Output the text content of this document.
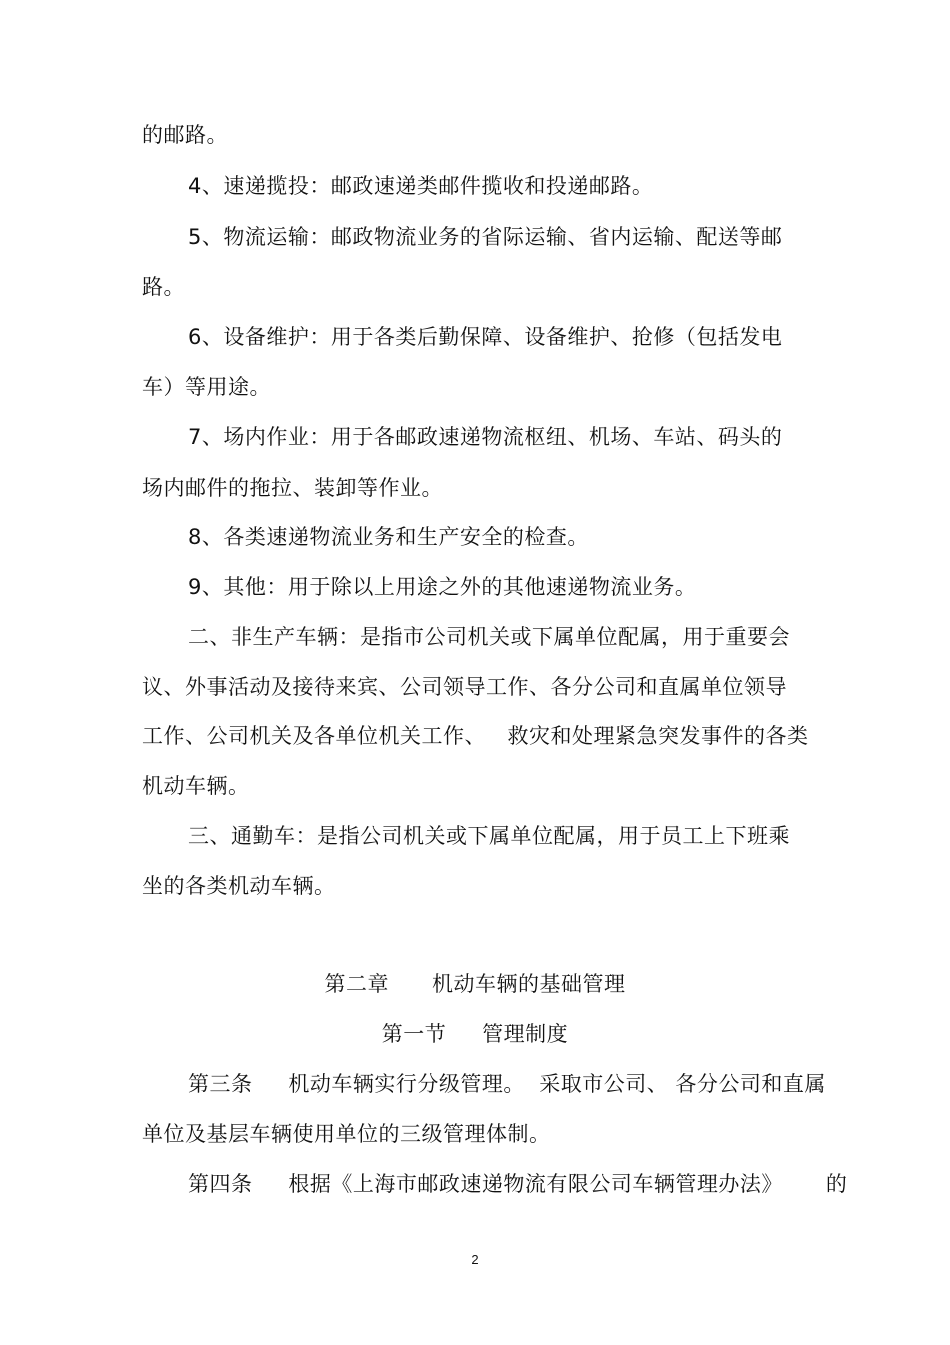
的邮路。
4、速递揽投：邮政速递类邮件揽收和投递邮路。
5、物流运输：邮政物流业务的省际运输、省内运输、配送等邮
路。
6、设备维护：用于各类后勤保障、设备维护、抢修（包括发电
车）等用途。
7、场内作业：用于各邮政速递物流枢纽、机场、车站、码头的
场内邮件的拖拉、装卸等作业。
8、各类速递物流业务和生产安全的检查。
9、其他：用于除以上用途之外的其他速递物流业务。
二、非生产车辆：是指市公司机关或下属单位配属，用于重要会
议、外事活动及接待来宾、公司领导工作、各分公司和直属单位领导
工作、公司机关及各单位机关工作、   救灾和处理紧急突发事件的各类
机动车辆。
三、通勤车：是指公司机关或下属单位配属，用于员工上下班乘
坐的各类机动车辆。
第二章      机动车辆的基础管理
第一节     管理制度
第三条     机动车辆实行分级管理。  采取市公司、 各分公司和直属
单位及基层车辆使用单位的三级管理体制。
第四条     根据《上海市邮政速递物流有限公司车辆管理办法》      的
2
